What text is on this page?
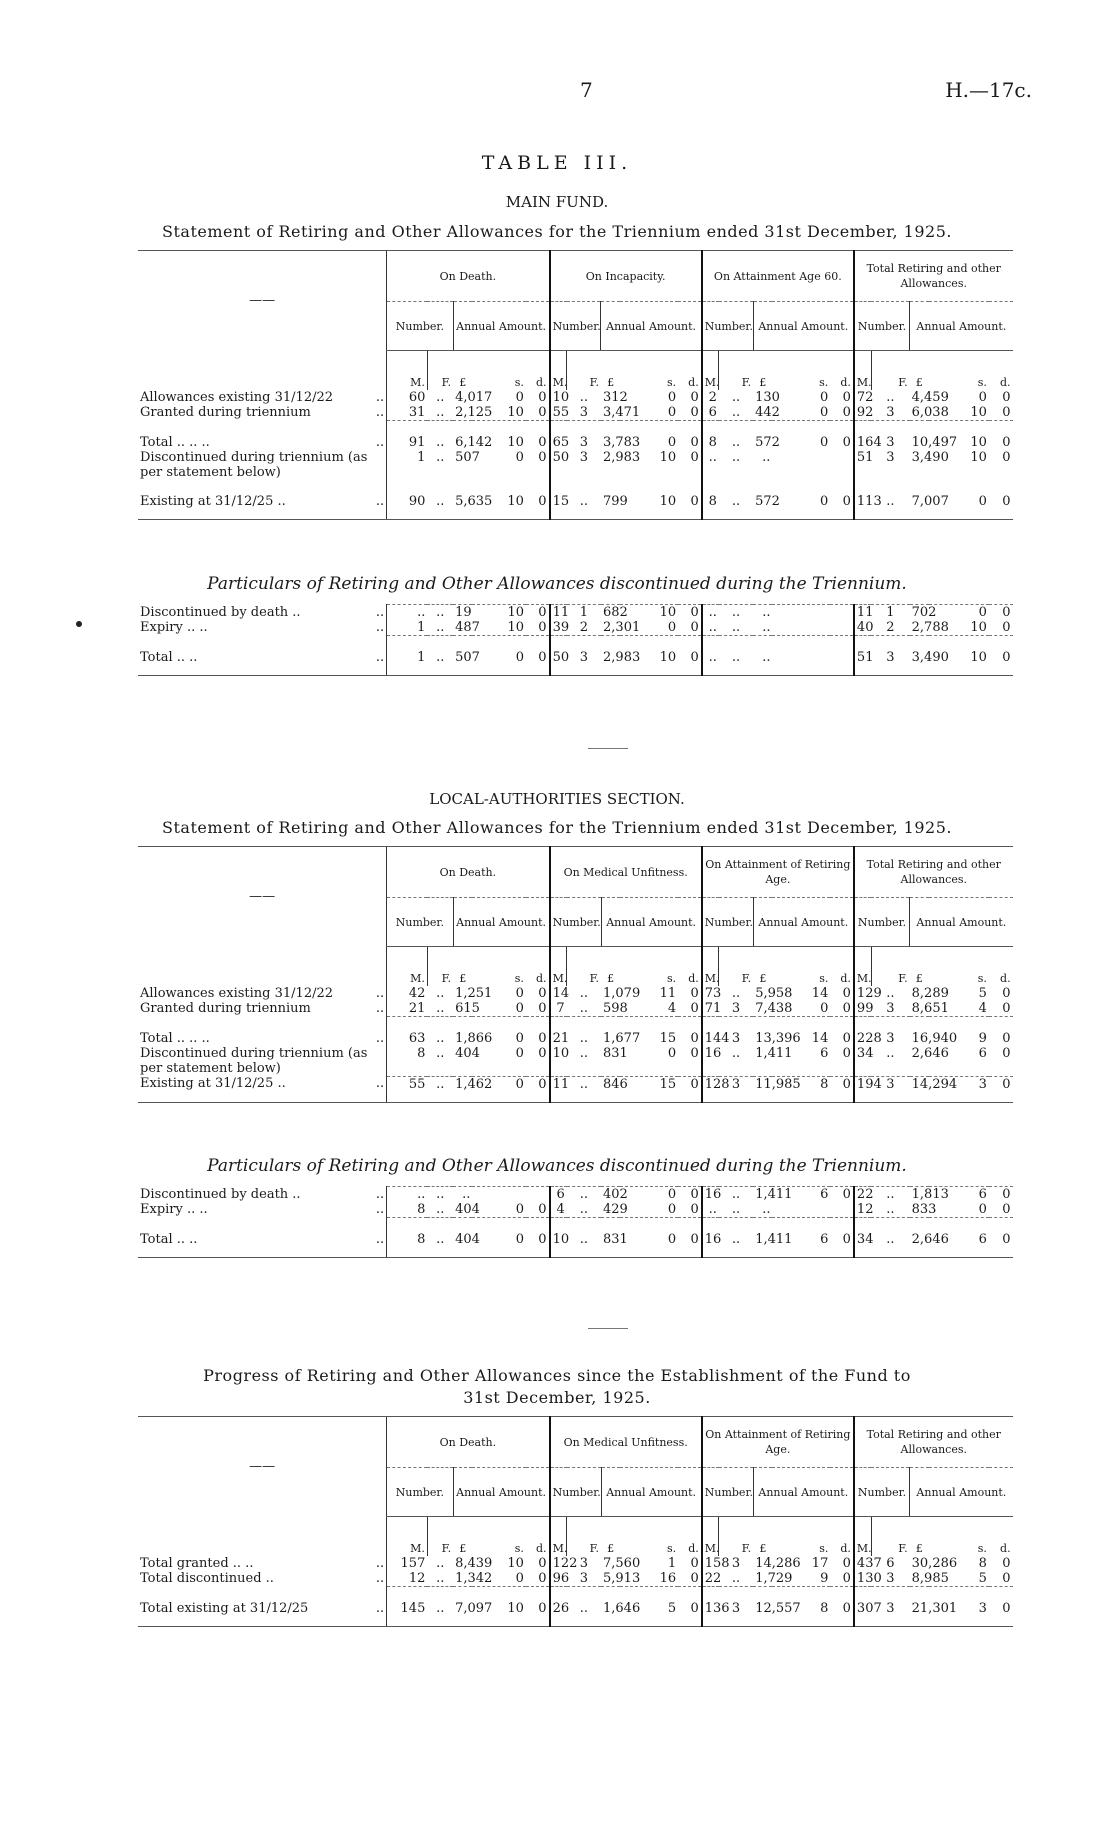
7	H.—17c.
TABLE III.
MAIN FUND.
Statement of Retiring and Other Allowances for the Triennium ended 31st December, 1925.
——	On Death.					On Incapacity.					On Attainment Age 60.					Total Retiring and other Allowances.				
	Number.		Annual Amount.			Number.		Annual Amount.			Number.		Annual Amount.			Number.		Annual Amount.		
	M.	F.	£	s.	d.	M.	F.	£	s.	d.	M.	F.	£	s.	d.	M.	F.	£	s.	d.
Allowances existing 31/12/22 ..	60	..	4,017	0	0	10	..	312	0	0	2	..	130	0	0	72	..	4,459	0	0
Granted during triennium ..	31	..	2,125	10	0	55	3	3,471	0	0	6	..	442	0	0	92	3	6,038	10	0
Total .. .. .. ..	91	..	6,142	10	0	65	3	3,783	0	0	8	..	572	0	0	164	3	10,497	10	0
Discontinued during triennium (as per statement below)	1	..	507	0	0	50	3	2,983	10	0	..	..	..			51	3	3,490	10	0
Existing at 31/12/25 .. ..	90	..	5,635	10	0	15	..	799	10	0	8	..	572	0	0	113	..	7,007	0	0
Particulars of Retiring and Other Allowances discontinued during the Triennium.
Discontinued by death .. ..	..	..	19	10	0	11	1	682	10	0	..	..	..			11	1	702	0	0
Expiry .. .. ..	1	..	487	10	0	39	2	2,301	0	0	..	..	..			40	2	2,788	10	0
Total .. .. ..	1	..	507	0	0	50	3	2,983	10	0	..	..	..			51	3	3,490	10	0
LOCAL-AUTHORITIES SECTION.
Statement of Retiring and Other Allowances for the Triennium ended 31st December, 1925.
——	On Death.					On Medical Unfitness.					On Attainment of Retiring Age.					Total Retiring and other Allowances.				
	Number.		Annual Amount.			Number.		Annual Amount.			Number.		Annual Amount.			Number.		Annual Amount.		
	M.	F.	£	s.	d.	M.	F.	£	s.	d.	M.	F.	£	s.	d.	M.	F.	£	s.	d.
Allowances existing 31/12/22 ..	42	..	1,251	0	0	14	..	1,079	11	0	73	..	5,958	14	0	129	..	8,289	5	0
Granted during triennium ..	21	..	615	0	0	7	..	598	4	0	71	3	7,438	0	0	99	3	8,651	4	0
Total .. .. .. ..	63	..	1,866	0	0	21	..	1,677	15	0	144	3	13,396	14	0	228	3	16,940	9	0
Discontinued during triennium (as per statement below)	8	..	404	0	0	10	..	831	0	0	16	..	1,411	6	0	34	..	2,646	6	0
Existing at 31/12/25 .. ..	55	..	1,462	0	0	11	..	846	15	0	128	3	11,985	8	0	194	3	14,294	3	0
Particulars of Retiring and Other Allowances discontinued during the Triennium.
Discontinued by death .. ..	..	..	..			6	..	402	0	0	16	..	1,411	6	0	22	..	1,813	6	0
Expiry .. .. ..	8	..	404	0	0	4	..	429	0	0	..	..	..			12	..	833	0	0
Total .. .. ..	8	..	404	0	0	10	..	831	0	0	16	..	1,411	6	0	34	..	2,646	6	0
Progress of Retiring and Other Allowances since the Establishment of the Fund to
31st December, 1925.
——	On Death.					On Medical Unfitness.					On Attainment of Retiring Age.					Total Retiring and other Allowances.				
	Number.		Annual Amount.			Number.		Annual Amount.			Number.		Annual Amount.			Number.		Annual Amount.		
	M.	F.	£	s.	d.	M.	F.	£	s.	d.	M.	F.	£	s.	d.	M.	F.	£	s.	d.
Total granted .. .. ..	157	..	8,439	10	0	122	3	7,560	1	0	158	3	14,286	17	0	437	6	30,286	8	0
Total discontinued .. ..	12	..	1,342	0	0	96	3	5,913	16	0	22	..	1,729	9	0	130	3	8,985	5	0
Total existing at 31/12/25 ..	145	..	7,097	10	0	26	..	1,646	5	0	136	3	12,557	8	0	307	3	21,301	3	0
